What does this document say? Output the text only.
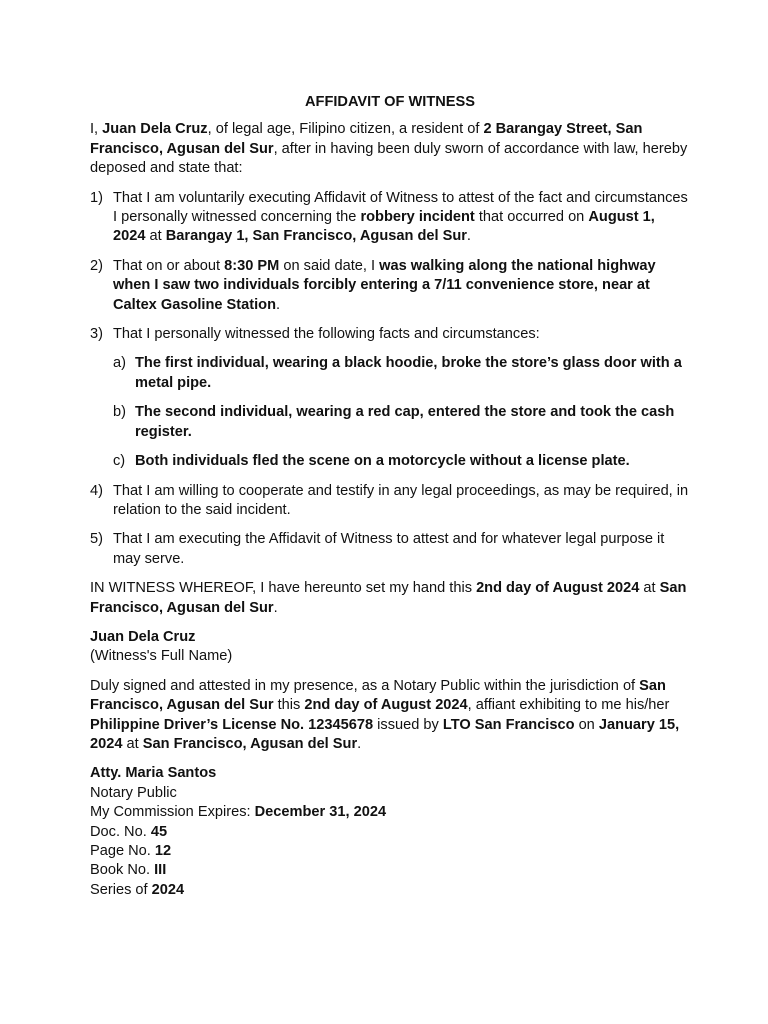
AFFIDAVIT OF WITNESS

I, Juan Dela Cruz, of legal age, Filipino citizen, a resident of 2 Barangay Street, San Francisco, Agusan del Sur, after in having been duly sworn of accordance with law, hereby deposed and state that:

1) That I am voluntarily executing Affidavit of Witness to attest of the fact and circumstances I personally witnessed concerning the robbery incident that occurred on August 1, 2024 at Barangay 1, San Francisco, Agusan del Sur.
2) That on or about 8:30 PM on said date, I was walking along the national highway when I saw two individuals forcibly entering a 7/11 convenience store, near at Caltex Gasoline Station.
3) That I personally witnessed the following facts and circumstances:
a) The first individual, wearing a black hoodie, broke the store’s glass door with a metal pipe.
b) The second individual, wearing a red cap, entered the store and took the cash register.
c) Both individuals fled the scene on a motorcycle without a license plate.
4) That I am willing to cooperate and testify in any legal proceedings, as may be required, in relation to the said incident.
5) That I am executing the Affidavit of Witness to attest and for whatever legal purpose it may serve.

IN WITNESS WHEREOF, I have hereunto set my hand this 2nd day of August 2024 at San Francisco, Agusan del Sur.

Juan Dela Cruz
(Witness's Full Name)

Duly signed and attested in my presence, as a Notary Public within the jurisdiction of San Francisco, Agusan del Sur this 2nd day of August 2024, affiant exhibiting to me his/her Philippine Driver’s License No. 12345678 issued by LTO San Francisco on January 15, 2024 at San Francisco, Agusan del Sur.

Atty. Maria Santos
Notary Public
My Commission Expires: December 31, 2024
Doc. No. 45
Page No. 12
Book No. III
Series of 2024
